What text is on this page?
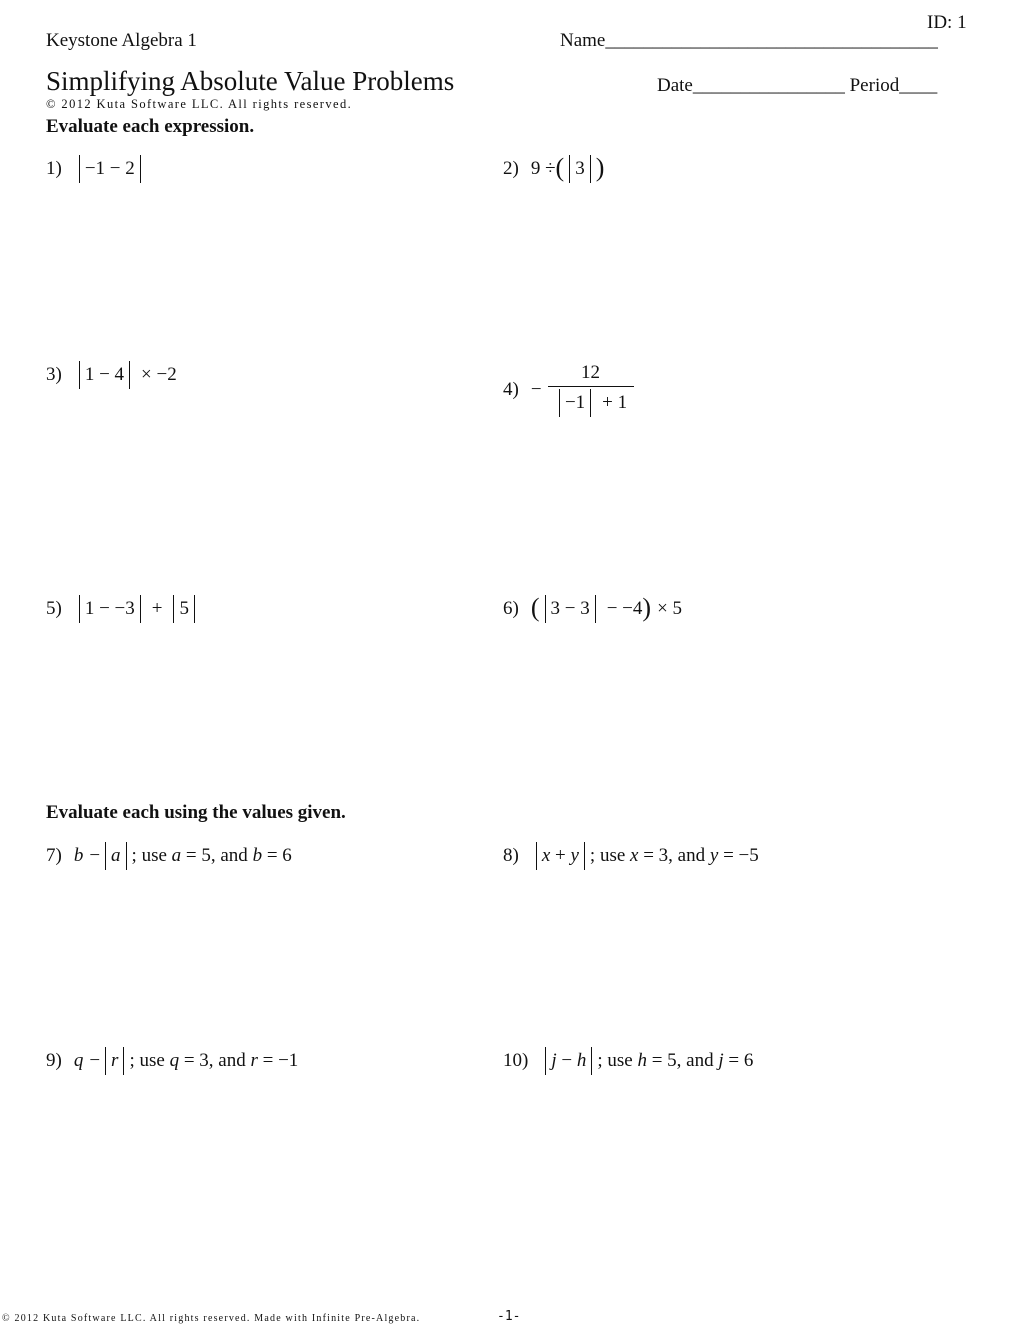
ID: 1
Keystone Algebra 1	Name___________________________________
Simplifying Absolute Value Problems	Date________________ Period____
© 2012 Kuta Software LLC. All rights reserved.
Evaluate each expression.
1) −1 − 2	2) 9 ÷ ( 3 )
3) 1 − 4 × −2
$4) - \frac{12}{-1 + 1}$
5) 1 − −3 + 5	6) ( 3 − 3 − −4 ) × 5
Evaluate each using the values given.
7) b − a ; use a = 5, and b = 6	8) x + y ; use x = 3, and y = −5
9) q − r ; use q = 3, and r = −1	10) j − h ; use h = 5, and j = 6
© 2012 Kuta Software LLC. All rights reserved. Made with Infinite Pre-Algebra.	-1-
